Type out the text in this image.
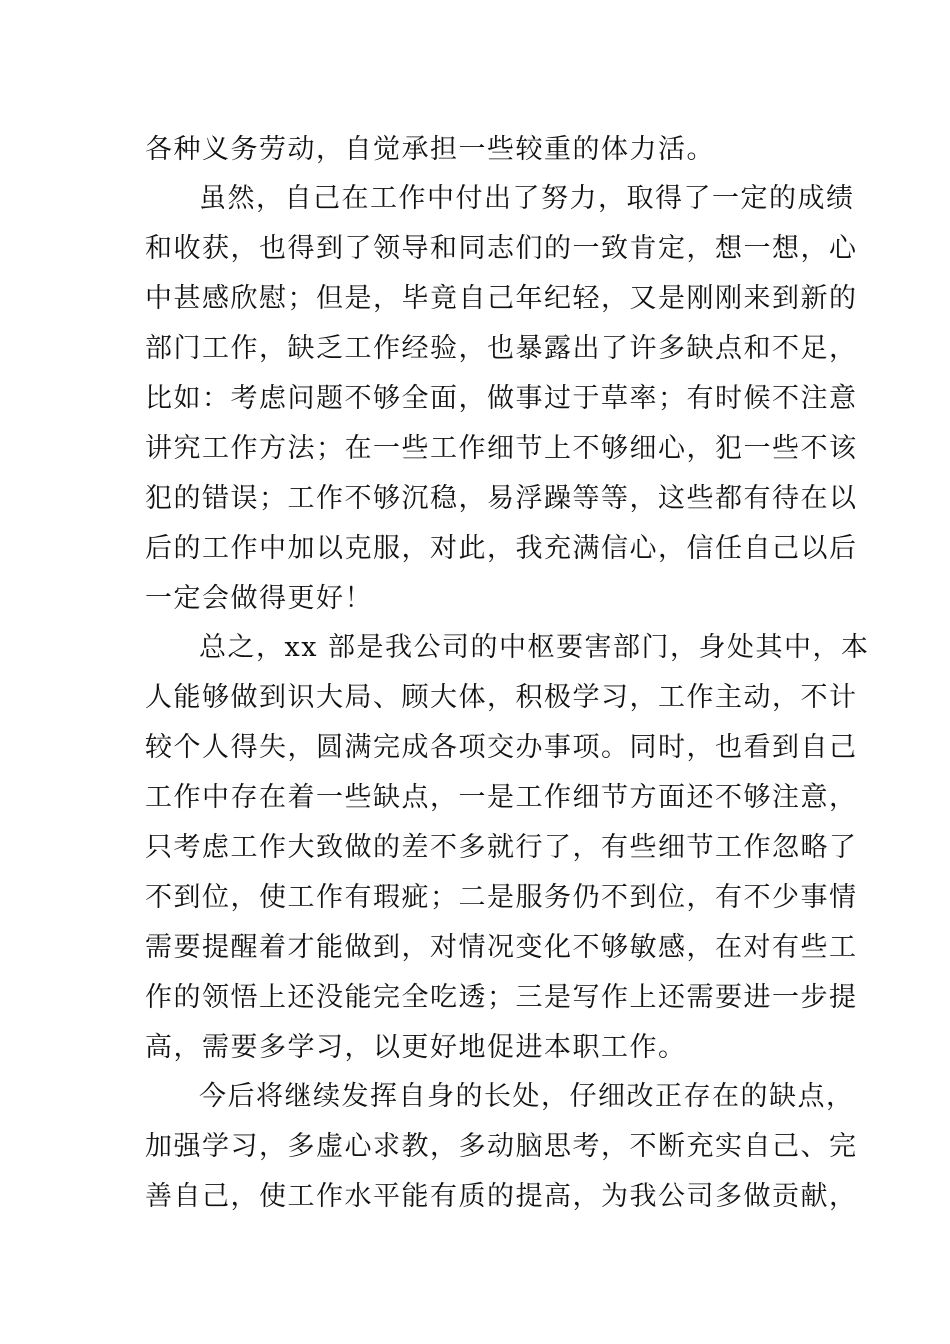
各种义务劳动，自觉承担一些较重的体力活。
虽然，自己在工作中付出了努力，取得了一定的成绩
和收获，也得到了领导和同志们的一致肯定，想一想，心
中甚感欣慰；但是，毕竟自己年纪轻，又是刚刚来到新的
部门工作，缺乏工作经验，也暴露出了许多缺点和不足，
比如：考虑问题不够全面，做事过于草率；有时候不注意
讲究工作方法；在一些工作细节上不够细心，犯一些不该
犯的错误；工作不够沉稳，易浮躁等等，这些都有待在以
后的工作中加以克服，对此，我充满信心，信任自己以后
一定会做得更好！
总之，xx 部是我公司的中枢要害部门，身处其中，本
人能够做到识大局、顾大体，积极学习，工作主动，不计
较个人得失，圆满完成各项交办事项。同时，也看到自己
工作中存在着一些缺点，一是工作细节方面还不够注意，
只考虑工作大致做的差不多就行了，有些细节工作忽略了
不到位，使工作有瑕疵；二是服务仍不到位，有不少事情
需要提醒着才能做到，对情况变化不够敏感，在对有些工
作的领悟上还没能完全吃透；三是写作上还需要进一步提
高，需要多学习，以更好地促进本职工作。
今后将继续发挥自身的长处，仔细改正存在的缺点，
加强学习，多虚心求教，多动脑思考，不断充实自己、完
善自己，使工作水平能有质的提高，为我公司多做贡献，
